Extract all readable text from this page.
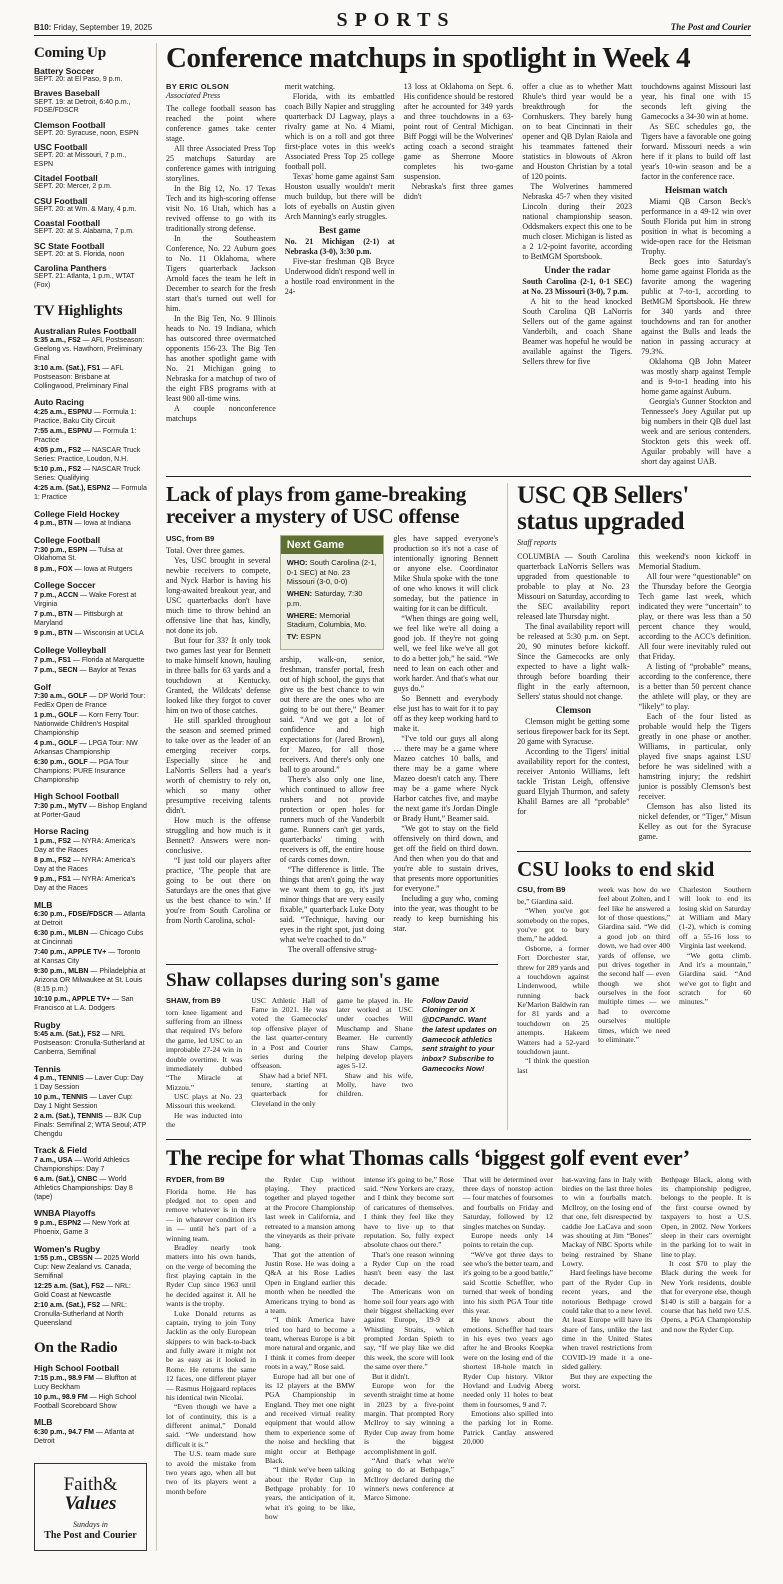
B10: Friday, September 19, 2025	SPORTS	The Post and Courier
Coming Up
Battery Soccer
SEPT. 20: at El Paso, 9 p.m.
Braves Baseball
SEPT. 19: at Detroit, 6:40 p.m., FDSE/FDSCR
Clemson Football
SEPT. 20: Syracuse, noon, ESPN
USC Football
SEPT. 20: at Missouri, 7 p.m., ESPN
Citadel Football
SEPT. 20: Mercer, 2 p.m.
CSU Football
SEPT. 20: at Wm. & Mary, 4 p.m.
Coastal Football
SEPT. 20: at S. Alabama, 7 p.m.
SC State Football
SEPT. 20: at S. Florida, noon
Carolina Panthers
SEPT. 21: Atlanta, 1 p.m., WTAT (Fox)
TV Highlights
Australian Rules Football
5:35 a.m., FS2 — AFL Postseason: Geelong vs. Hawthorn, Preliminary Final
3:10 a.m. (Sat.), FS1 — AFL Postseason: Brisbane at Collingwood, Preliminary Final
Auto Racing
4:25 a.m., ESPNU — Formula 1: Practice, Baku City Circuit
7:55 a.m., ESPNU — Formula 1: Practice
4:05 p.m., FS2 — NASCAR Truck Series: Practice, Loudon, N.H.
5:10 p.m., FS2 — NASCAR Truck Series: Qualifying
4:25 a.m. (Sat.), ESPN2 — Formula 1: Practice
College Field Hockey
4 p.m., BTN — Iowa at Indiana
College Football
7:30 p.m., ESPN — Tulsa at Oklahoma St.
8 p.m., FOX — Iowa at Rutgers
College Soccer
7 p.m., ACCN — Wake Forest at Virginia
7 p.m., BTN — Pittsburgh at Maryland
9 p.m., BTN — Wisconsin at UCLA
College Volleyball
7 p.m., FS1 — Florida at Marquette
7 p.m., SECN — Baylor at Texas
Golf
7:30 a.m., GOLF — DP World Tour: FedEx Open de France
1 p.m., GOLF — Korn Ferry Tour: Nationwide Children's Hospital Championship
4 p.m., GOLF — LPGA Tour: NW Arkansas Championship
6:30 p.m., GOLF — PGA Tour Champions: PURE Insurance Championship
High School Football
7:30 p.m., MyTV — Bishop England at Porter-Gaud
Horse Racing
1 p.m., FS2 — NYRA: America's Day at the Races
8 p.m., FS2 — NYRA: America's Day at the Races
9 p.m., FS1 — NYRA: America's Day at the Races
MLB
6:30 p.m., FDSE/FDSCR — Atlanta at Detroit
6:30 p.m., MLBN — Chicago Cubs at Cincinnati
7:40 p.m., APPLE TV+ — Toronto at Kansas City
9:30 p.m., MLBN — Philadelphia at Arizona OR Milwaukee at St. Louis (8:15 p.m.)
10:10 p.m., APPLE TV+ — San Francisco at L.A. Dodgers
Rugby
5:45 a.m. (Sat.), FS2 — NRL Postseason: Cronulla-Sutherland at Canberra, Semifinal
Tennis
4 p.m., TENNIS — Laver Cup: Day 1 Day Session
10 p.m., TENNIS — Laver Cup: Day 1 Night Session
2 a.m. (Sat.), TENNIS — BJK Cup Finals: Semifinal 2; WTA Seoul; ATP Chengdu
Track & Field
7 a.m., USA — World Athletics Championships: Day 7
6 a.m. (Sat.), CNBC — World Athletics Championships: Day 8 (tape)
WNBA Playoffs
9 p.m., ESPN2 — New York at Phoenix, Game 3
Women's Rugby
1:55 p.m., CBSSN — 2025 World Cup: New Zealand vs. Canada, Semifinal
12:25 a.m. (Sat.), FS2 — NRL: Gold Coast at Newcastle
2:10 a.m. (Sat.), FS2 — NRL: Cronulla-Sutherland at North Queensland
On the Radio
High School Football
7:15 p.m., 98.9 FM — Bluffton at Lucy Beckham
10 p.m., 98.9 FM — High School Football Scoreboard Show
MLB
6:30 p.m., 94.7 FM — Atlanta at Detroit
Faith&
Values
Sundays in
The Post and Courier
Conference matchups in spotlight in Week 4
BY ERIC OLSON
Associated Press

The college football season has reached the point where conference games take center stage.

All three Associated Press Top 25 matchups Saturday are conference games with intriguing storylines.

In the Big 12, No. 17 Texas Tech and its high-scoring offense visit No. 16 Utah, which has a revived offense to go with its traditionally strong defense.

In the Southeastern Conference, No. 22 Auburn goes to No. 11 Oklahoma, where Tigers quarterback Jackson Arnold faces the team he left in December to search for the fresh start that's turned out well for him.

In the Big Ten, No. 9 Illinois heads to No. 19 Indiana, which has outscored three overmatched opponents 156-23. The Big Ten has another spotlight game with No. 21 Michigan going to Nebraska for a matchup of two of the eight FBS programs with at least 900 all-time wins.

A couple nonconference matchups

merit watching.

Florida, with its embattled coach Billy Napier and struggling quarterback DJ Lagway, plays a rivalry game at No. 4 Miami, which is on a roll and got three first-place votes in this week's Associated Press Top 25 college football poll.

Texas' home game against Sam Houston usually wouldn't merit much buildup, but there will be lots of eyeballs on Austin given Arch Manning's early struggles.

Best game

No. 21 Michigan (2-1) at Nebraska (3-0), 3:30 p.m.

Five-star freshman QB Bryce Underwood didn't respond well in a hostile road environment in the 24-

13 loss at Oklahoma on Sept. 6. His confidence should be restored after he accounted for 349 yards and three touchdowns in a 63-point rout of Central Michigan. Biff Poggi will be the Wolverines' acting coach a second straight game as Sherrone Moore completes his two-game suspension.

Nebraska's first three games didn't

offer a clue as to whether Matt Rhule's third year would be a breakthrough for the Cornhuskers. They barely hung on to beat Cincinnati in their opener and QB Dylan Raiola and his teammates fattened their statistics in blowouts of Akron and Houston Christian by a total of 120 points.

The Wolverines hammered Nebraska 45-7 when they visited Lincoln during their 2023 national championship season. Oddsmakers expect this one to be much closer. Michigan is listed as a 2 1/2-point favorite, according to BetMGM Sportsbook.

Under the radar

South Carolina (2-1, 0-1 SEC) at No. 23 Missouri (3-0), 7 p.m.

A hit to the head knocked South Carolina QB LaNorris Sellers out of the game against Vanderbilt, and coach Shane Beamer was hopeful he would be available against the Tigers. Sellers threw for five

touchdowns against Missouri last year, his final one with 15 seconds left giving the Gamecocks a 34-30 win at home.

As SEC schedules go, the Tigers have a favorable one going forward. Missouri needs a win here if it plans to build off last year's 10-win season and be a factor in the conference race.

Heisman watch

Miami QB Carson Beck's performance in a 49-12 win over South Florida put him in strong position in what is becoming a wide-open race for the Heisman Trophy.

Beck goes into Saturday's home game against Florida as the favorite among the wagering public at 7-to-1, according to BetMGM Sportsbook. He threw for 340 yards and three touchdowns and ran for another against the Bulls and leads the nation in passing accuracy at 79.3%.

Oklahoma QB John Mateer was mostly sharp against Temple and is 9-to-1 heading into his home game against Auburn.

Georgia's Gunner Stockton and Tennessee's Joey Aguilar put up big numbers in their QB duel last week and are serious contenders. Stockton gets this week off. Aguilar probably will have a short day against UAB.

Lack of plays from game-breaking receiver a mystery of USC offense
USC, from B9

Total. Over three games.

Yes, USC brought in several newbie receivers to compete, and Nyck Harbor is having his long-awaited breakout year, and USC quarterbacks don't have much time to throw behind an offensive line that has, kindly, not done its job.

But four for 33? It only took two games last year for Bennett to make himself known, hauling in three balls for 63 yards and a touchdown at Kentucky. Granted, the Wildcats' defense looked like they forgot to cover him on two of those catches.

He still sparkled throughout the season and seemed primed to take over as the leader of an emerging receiver corps. Especially since he and LaNorris Sellers had a year's worth of chemistry to rely on, which so many other presumptive receiving talents didn't.

How much is the offense struggling and how much is it Bennett? Answers were non-conclusive.

“I just told our players after practice, ‘The people that are going to be out there on Saturdays are the ones that give us the best chance to win.’ If you're from South Carolina or from North Carolina, schol-

Next Game
WHO: South Carolina (2-1, 0-1 SEC) at No. 23 Missouri (3-0, 0-0)
WHEN: Saturday, 7:30 p.m.
WHERE: Memorial Stadium, Columbia, Mo.
TV: ESPN

arship, walk-on, senior, freshman, transfer portal, fresh out of high school, the guys that give us the best chance to win out there are the ones who are going to be out there,” Beamer said. “And we got a lot of confidence and high expectations for (Jared Brown), for Mazeo, for all those receivers. And there's only one ball to go around.”

There's also only one line, which continued to allow free rushers and not provide protection or open holes for runners much of the Vanderbilt game. Runners can't get yards, quarterbacks' timing with receivers is off, the entire house of cards comes down.

“The difference is little. The things that aren't going the way we want them to go, it's just minor things that are very easily fixable,” quarterback Luke Doty said. “Technique, having our eyes in the right spot, just doing what we're coached to do.”

The overall offensive strug-

gles have sapped everyone's production so it's not a case of intentionally ignoring Bennett or anyone else. Coordinator Mike Shula spoke with the tone of one who knows it will click someday, but the patience in waiting for it can be difficult.

“When things are going well, we feel like we're all doing a good job. If they're not going well, we feel like we've all got to do a better job,” he said. “We need to lean on each other and work harder. And that's what our guys do.”

So Bennett and everybody else just has to wait for it to pay off as they keep working hard to make it.

“I've told our guys all along … there may be a game where Mazeo catches 10 balls, and there may be a game where Mazeo doesn't catch any. There may be a game where Nyck Harbor catches five, and maybe the next game it's Jordan Dingle or Brady Hunt,” Beamer said.

“We got to stay on the field offensively on third down, and get off the field on third down. And then when you do that and you're able to sustain drives, that presents more opportunities for everyone.”

Including a guy who, coming into the year, was thought to be ready to keep burnishing his star.

Shaw collapses during son's game
SHAW, from B9

torn knee ligament and suffering from an illness that required IVs before the game, led USC to an improbable 27-24 win in double overtime. It was immediately dubbed “The Miracle at Mizzou.”

USC plays at No. 23 Missouri this weekend.

He was inducted into the

USC Athletic Hall of Fame in 2021. He was voted the Gamecocks' top offensive player of the last quarter-century in a Post and Courier series during the offseason.

Shaw had a brief NFL tenure, starting at quarterback for Cleveland in the only

game he played in. He later worked at USC under coaches Will Muschamp and Shane Beamer. He currently runs Shaw Camps, helping develop players ages 5-12.

Shaw and his wife, Molly, have two children.

Follow David Cloninger on X @DCPandC. Want the latest updates on Gamecock athletics sent straight to your inbox? Subscribe to Gamecocks Now!

USC QB Sellers' status upgraded
Staff reports

COLUMBIA — South Carolina quarterback LaNorris Sellers was upgraded from questionable to probable to play at No. 23 Missouri on Saturday, according to the SEC availability report released late Thursday night.

The final availability report will be released at 5:30 p.m. on Sept. 20, 90 minutes before kickoff. Since the Gamecocks are only expected to have a light walk-through before boarding their flight in the early afternoon, Sellers' status should not change.

Clemson

Clemson might be getting some serious firepower back for its Sept. 20 game with Syracuse.

According to the Tigers' initial availability report for the contest, receiver Antonio Williams, left tackle Tristan Leigh, offensive guard Elyjah Thurmon, and safety Khalil Barnes are all “probable” for

this weekend's noon kickoff in Memorial Stadium.

All four were “questionable” on the Thursday before the Georgia Tech game last week, which indicated they were “uncertain” to play, or there was less than a 50 percent chance they would, according to the ACC's definition. All four were inevitably ruled out that Friday.

A listing of “probable” means, according to the conference, there is a better than 50 percent chance the athlete will play, or they are “likely” to play.

Each of the four listed as probable would help the Tigers greatly in one phase or another. Williams, in particular, only played five snaps against LSU before he was sidelined with a hamstring injury; the redshirt junior is possibly Clemson's best receiver.

Clemson has also listed its nickel defender, or “Tiger,” Misun Kelley as out for the Syracuse game.

CSU looks to end skid
CSU, from B9

be,” Giardina said.

“When you've got somebody on the ropes, you've got to bury them,” he added.

Osborne, a former Fort Dorchester star, threw for 289 yards and a touchdown against Lindenwood, while running back Ke'Marion Baldwin ran for 81 yards and a touchdown on 25 attempts. Hakeem Watters had a 52-yard touchdown jaunt.

“I think the question last

week was how do we feel about Zolten, and I feel like he answered a lot of those questions,” Giardina said. “We did a good job on third down, we had over 400 yards of offense, we put drives together in the second half — even though we shot ourselves in the foot multiple times — we had to overcome ourselves multiple times, which we need to eliminate.”

Charleston Southern will look to end its losing skid on Saturday at William and Mary (1-2), which is coming off a 55-16 loss to Virginia last weekend.

“We gotta climb. And it's a mountain,” Giardina said. “And we've got to fight and scratch for 60 minutes.”

The recipe for what Thomas calls ‘biggest golf event ever’
RYDER, from B9

Florida home. He has pledged not to open and remove whatever is in there — in whatever condition it's in — until he's part of a winning team.

Bradley nearly took matters into his own hands, on the verge of becoming the first playing captain in the Ryder Cup since 1963 until he decided against it. All he wants is the trophy.

Luke Donald returns as captain, trying to join Tony Jacklin as the only European skippers to win back-to-back and fully aware it might not be as easy as it looked in Rome. He returns the same 12 faces, one different player — Rasmus Hojgaard replaces his identical twin Nicolai.

“Even though we have a lot of continuity, this is a different animal,” Donald said. “We understand how difficult it is.”

The U.S. team made sure to avoid the mistake from two years ago, when all but two of its players went a month before

the Ryder Cup without playing. They practiced together and played together at the Procore Championship last week in California, and retreated to a mansion among the vineyards as their private hang.

That got the attention of Justin Rose. He was doing a Q&A at his Rose Ladies Open in England earlier this month when he needled the Americans trying to bond as a team.

“I think America have tried too hard to become a team, whereas Europe is a bit more natural and organic, and I think it comes from deeper roots in a way,” Rose said.

Europe had all but one of its 12 players at the BMW PGA Championship in England. They met one night and received virtual reality equipment that would allow them to experience some of the noise and heckling that might occur at Bethpage Black.

“I think we've been talking about the Ryder Cup in Bethpage probably for 10 years, the anticipation of it, what it's going to be like, how

intense it's going to be,” Rose said. “New Yorkers are crazy, and I think they become sort of caricatures of themselves. I think they feel like they have to live up to that reputation. So, fully expect absolute chaos out there.”

That's one reason winning a Ryder Cup on the road hasn't been easy the last decade.

The Americans won on home soil four years ago with their biggest shellacking ever against Europe, 19-9 at Whistling Straits, which prompted Jordan Spieth to say, “If we play like we did this week, the score will look the same over there.”

But it didn't.

Europe won for the seventh straight time at home in 2023 by a five-point margin. That prompted Rory McIlroy to say winning a Ryder Cup away from home is the biggest accomplishment in golf.

“And that's what we're going to do at Bethpage,” McIlroy declared during the winner's news conference at Marco Simone.

That will be determined over three days of nonstop action — four matches of foursomes and fourballs on Friday and Saturday, followed by 12 singles matches on Sunday.

Europe needs only 14 points to retain the cup.

“We've got three days to see who's the better team, and it's going to be a good battle,” said Scottie Scheffler, who turned that week of bonding into his sixth PGA Tour title this year.

He knows about the emotions. Scheffler had tears in his eyes two years ago after he and Brooks Koepka were on the losing end of the shortest 18-hole match in Ryder Cup history. Viktor Hovland and Ludvig Aberg needed only 11 holes to beat them in foursomes, 9 and 7.

Emotions also spilled into the parking lot in Rome. Patrick Cantlay answered 20,000

hat-waving fans in Italy with birdies on the last three holes to win a fourballs match. McIlroy, on the losing end of that one, felt disrespected by caddie Joe LaCava and soon was shouting at Jim “Bones” Mackay of NBC Sports while being restrained by Shane Lowry.

Hard feelings have become part of the Ryder Cup in recent years, and the notorious Bethpage crowd could take that to a new level. At least Europe will have its share of fans, unlike the last time in the United States when travel restrictions from COVID-19 made it a one-sided gallery.

But they are expecting the worst.

Bethpage Black, along with its championship pedigree, belongs to the people. It is the first course owned by taxpayers to host a U.S. Open, in 2002. New Yorkers sleep in their cars overnight in the parking lot to wait in line to play.

It cost $70 to play the Black during the week for New York residents, double that for everyone else, though $140 is still a bargain for a course that has held two U.S. Opens, a PGA Championship and now the Ryder Cup.
